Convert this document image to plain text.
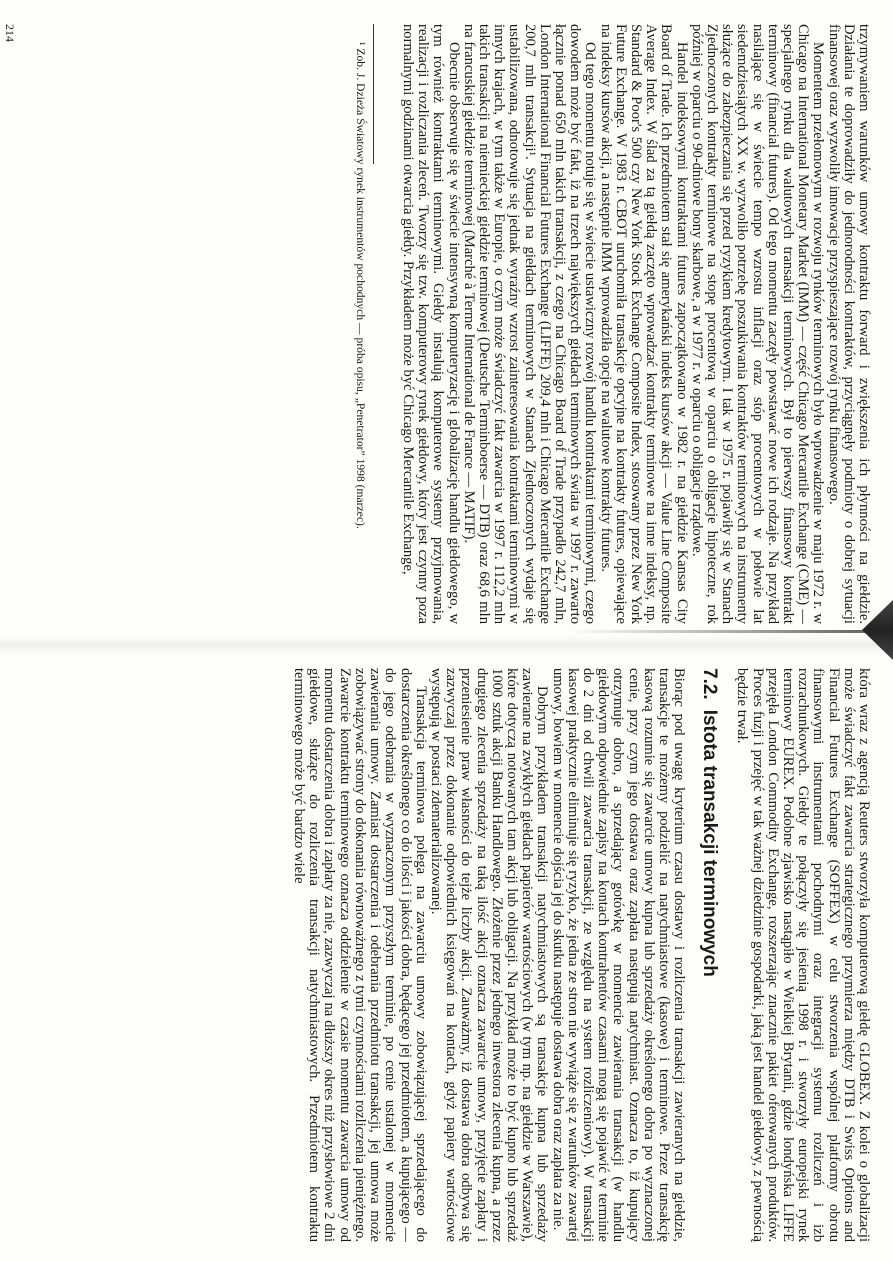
trzymywaniem warunków umowy kontraktu forward i zwiększenia ich płynności na giełdzie. Działania te doprowadziły do jednorodności kontraktów, przyciągnęły podmioty o dobrej sytuacji finansowej oraz wyzwoliły innowacje przyspieszające rozwój rynku finansowego.

Momentem przełomowym w rozwoju rynków terminowych było wprowadzenie w maju 1972 r. w Chicago na International Monetary Market (IMM) — część Chicago Mercantile Exchange (CME) — specjalnego rynku dla walutowych transakcji terminowych. Był to pierwszy finansowy kontrakt terminowy (financial futures). Od tego momentu zaczęły powstawać nowe ich rodzaje. Na przykład nasilające się w świecie tempo wzrostu inflacji oraz stóp procentowych w połowie lat siedemdziesiątych XX w. wyzwoliło potrzebę poszukiwania kontraktów terminowych na instrumenty służące do zabezpieczania się przed ryzykiem kredytowym. I tak w 1975 r. pojawiły się w Stanach Zjednoczonych kontrakty terminowe na stopę procentową w oparciu o obligacje hipoteczne, rok później w oparciu o 90-dniowe bony skarbowe, a w 1977 r. w oparciu o obligacje rządowe.

Handel indeksowymi kontraktami futures zapoczątkowano w 1982 r. na giełdzie Kansas City Board of Trade. Ich przedmiotem stał się amerykański indeks kursów akcji — Value Line Composite Average Index. W ślad za tą giełdą zaczęto wprowadzać kontrakty terminowe na inne indeksy, np. Standard & Poor's 500 czy New York Stock Exchange Composite Index, stosowany przez New York Future Exchange. W 1983 r. CBOT uruchomiła transakcje opcyjne na kontrakty futures, opiewające na indeksy kursów akcji, a następnie IMM wprowadziła opcje na walutowe kontrakty futures.

Od tego momentu notuje się w świecie ustawiczny rozwój handlu kontraktami terminowymi, czego dowodem może być fakt, iż na trzech największych giełdach terminowych świata w 1997 r. zawarto łącznie ponad 650 mln takich transakcji, z czego na Chicago Board of Trade przypadło 242,7 mln, London International Financial Futures Exchange (LIFFE) 209,4 mln i Chicago Mercantile Exchange 200,7 mln transakcji¹. Sytuacja na giełdach terminowych w Stanach Zjednoczonych wydaje się ustabilizowana, odnotowuje się jednak wyraźny wzrost zainteresowania kontraktami terminowymi w innych krajach, w tym także w Europie, o czym może świadczyć fakt zawarcia w 1997 r. 112,2 mln takich transakcji na niemieckiej giełdzie terminowej (Deutsche Terminboerse — DTB) oraz 68,6 mln na francuskiej giełdzie terminowej (Marché à Terme International de France — MATIF).

Obecnie obserwuje się w świecie intensywną komputeryzację i globalizację handlu giełdowego, w tym również kontraktami terminowymi. Giełdy instalują komputerowe systemy przyjmowania, realizacji i rozliczania zleceń. Tworzy się tzw. komputerowy rynek giełdowy, który jest czynny poza normalnymi godzinami otwarcia giełdy. Przykładem może być Chicago Mercantile Exchange,

¹ Zob. J. Dzieża Światowy rynek instrumentów pochodnych — próba opisu, „Penetrator” 1998 (marzec).

214

która wraz z agencją Reuters stworzyła komputerową giełdę GLOBEX. Z kolei o globalizacji może świadczyć fakt zawarcia strategicznego przymierza między DTB i Swiss Options and Financial Futures Exchange (SOFFEX) w celu stworzenia wspólnej platformy obrotu finansowymi instrumentami pochodnymi oraz integracji systemu rozliczeń i izb rozrachunkowych. Giełdy te połączyły się jesienią 1998 r. i stworzyły europejski rynek terminowy EUREX. Podobne zjawisko nastąpiło w Wielkiej Brytanii, gdzie londyńska LIFFE przejęła London Commodity Exchange, rozszerzając znacznie pakiet oferowanych produktów. Proces fuzji i przejęć w tak ważnej dziedzinie gospodarki, jaką jest handel giełdowy, z pewnością będzie trwał.

7.2.Istota transakcji terminowych

Biorąc pod uwagę kryterium czasu dostawy i rozliczenia transakcji zawieranych na giełdzie, transakcje te możemy podzielić na natychmiastowe (kasowe) i terminowe. Przez transakcję kasową rozumie się zawarcie umowy kupna lub sprzedaży określonego dobra po wyznaczonej cenie, przy czym jego dostawa oraz zapłata następują natychmiast. Oznacza to, iż kupujący otrzymuje dobro, a sprzedający gotówkę w momencie zawierania transakcji (w handlu giełdowym odpowiednie zapisy na kontach kontrahentów czasami mogą się pojawić w terminie do 2 dni od chwili zawarcia transakcji, ze względu na system rozliczeniowy). W transakcji kasowej praktycznie eliminuje się ryzyko, że jedna ze stron nie wywiąże się z warunków zawartej umowy, bowiem w momencie dojścia jej do skutku następuje dostawa dobra oraz zapłata za nie.

Dobrym przykładem transakcji natychmiastowych są transakcje kupna lub sprzedaży zawierane na zwykłych giełdach papierów wartościowych (w tym np. na giełdzie w Warszawie), które dotyczą notowanych tam akcji lub obligacji. Na przykład może to być kupno lub sprzedaż 1000 sztuk akcji Banku Handlowego. Złożenie przez jednego inwestora zlecenia kupna, a przez drugiego zlecenia sprzedaży na taką ilość akcji oznacza zawarcie umowy, przyjęcie zapłaty i przeniesienie praw własności do tejże liczby akcji. Zauważmy, iż dostawa dobra odbywa się zazwyczaj przez dokonanie odpowiednich księgowań na kontach, gdyż papiery wartościowe występują w postaci zdematerializowanej.

Transakcja terminowa polega na zawarciu umowy zobowiązującej sprzedającego do dostarczenia określonego co do ilości i jakości dobra, będącego jej przedmiotem, a kupującego — do jego odebrania w wyznaczonym przyszłym terminie, po cenie ustalonej w momencie zawierania umowy. Zamiast dostarczenia i odebrania przedmiotu transakcji, jej umowa może zobowiązywać strony do dokonania równoważnego z tymi czynnościami rozliczenia pieniężnego. Zawarcie kontraktu terminowego oznacza oddzielenie w czasie momentu zawarcia umowy od momentu dostarczenia dobra i zapłaty za nie, zazwyczaj na dłuższy okres niż przysłowiowe 2 dni giełdowe, służące do rozliczenia transakcji natychmiastowych. Przedmiotem kontraktu terminowego może być bardzo wiele
